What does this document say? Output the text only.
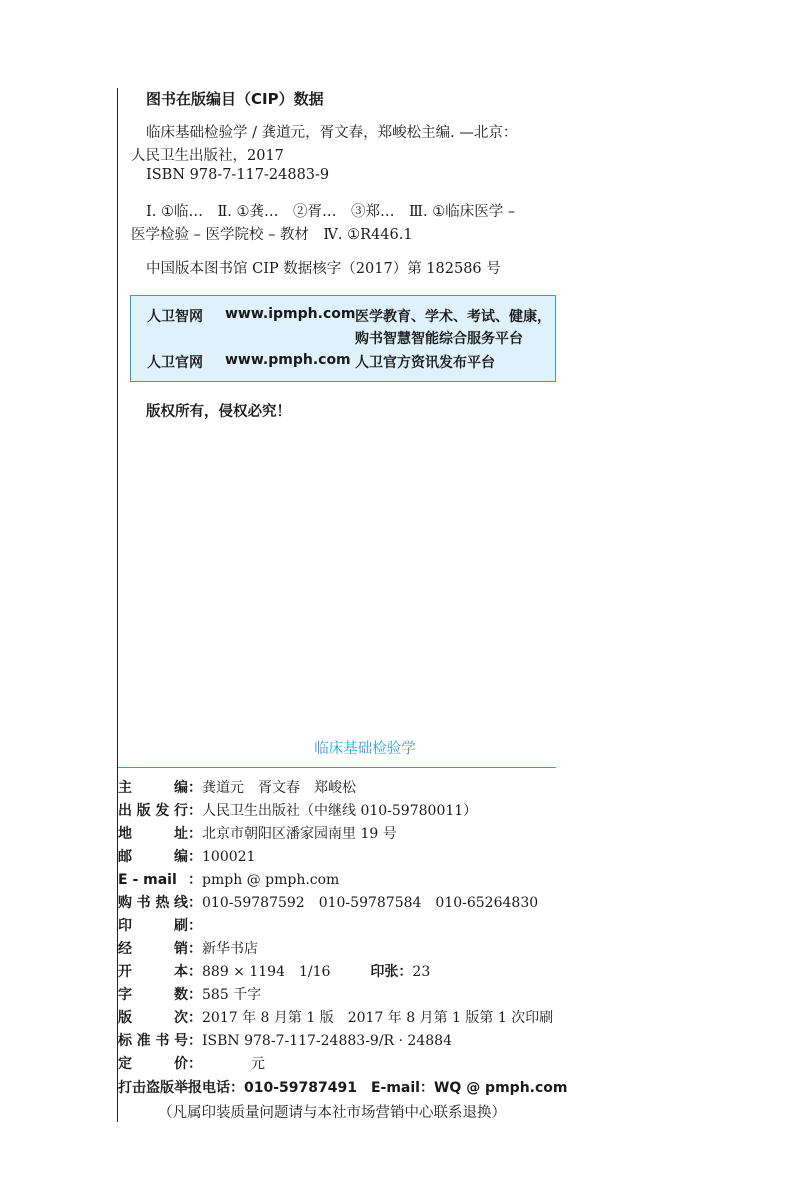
图书在版编目（CIP）数据
临床基础检验学 / 龚道元，胥文春，郑峻松主编. —北京：
人民卫生出版社，2017
ISBN 978-7-117-24883-9
Ⅰ. ①临…　Ⅱ. ①龚…　②胥…　③郑…　Ⅲ. ①临床医学 –
医学检验 – 医学院校 – 教材　Ⅳ. ①R446.1
中国版本图书馆 CIP 数据核字（2017）第 182586 号
人卫智网 www.ipmph.com 医学教育、学术、考试、健康，
购书智慧智能综合服务平台
人卫官网 www.pmph.com 人卫官方资讯发布平台
版权所有，侵权必究！
临床基础检验学
主　编：龚道元　胥文春　郑峻松
出版发行：人民卫生出版社（中继线 010-59780011）
地　址：北京市朝阳区潘家园南里 19 号
邮　编：100021
E - mail ：pmph @ pmph.com
购书热线：010-59787592　010-59787584　010-65264830
印　刷：
经　销：新华书店
开　本：889 × 1194　1/16	印张：23
字　数：585 千字
版　次：2017 年 8 月第 1 版　2017 年 8 月第 1 版第 1 次印刷
标准书号：ISBN 978-7-117-24883-9/R · 24884
定　价：　　　　元
打击盗版举报电话：010-59787491　E-mail：WQ @ pmph.com
（凡属印装质量问题请与本社市场营销中心联系退换）
